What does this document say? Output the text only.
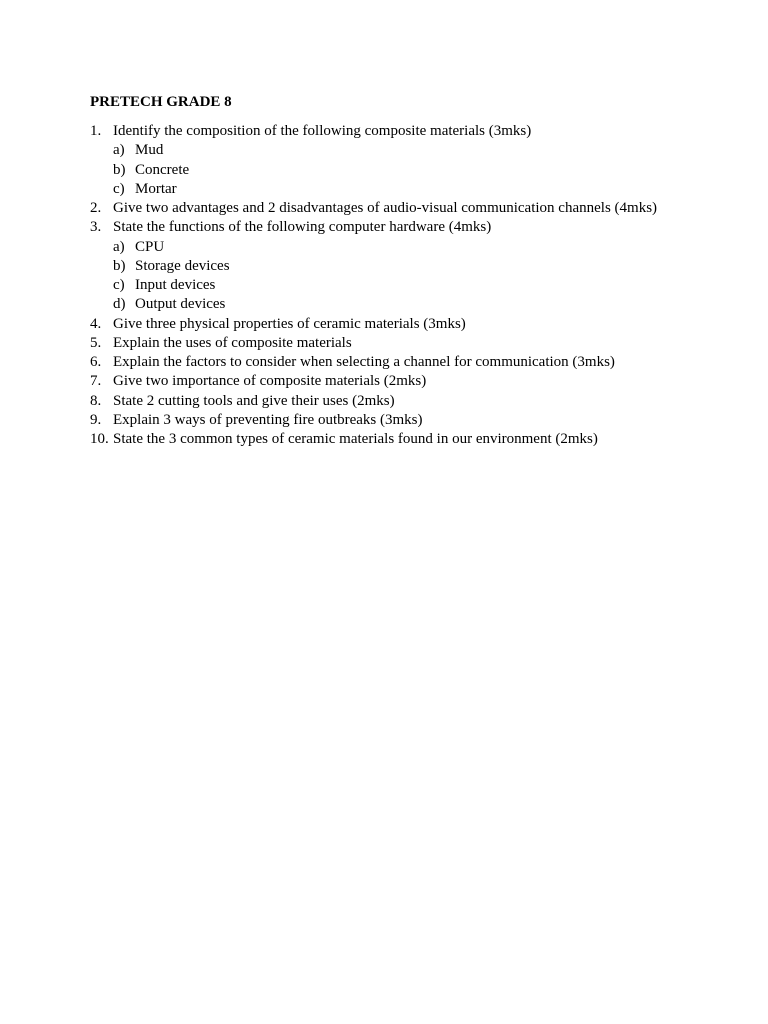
PRETECH GRADE 8
1. Identify the composition of the following composite materials (3mks)
a) Mud
b) Concrete
c) Mortar
2. Give two advantages and 2 disadvantages of audio-visual communication channels (4mks)
3. State the functions of the following computer hardware (4mks)
a) CPU
b) Storage devices
c) Input devices
d) Output devices
4. Give three physical properties of ceramic materials (3mks)
5. Explain the uses of composite materials
6. Explain the factors to consider when selecting a channel for communication (3mks)
7. Give two importance of composite materials (2mks)
8. State 2 cutting tools and give their uses (2mks)
9. Explain 3 ways of preventing fire outbreaks (3mks)
10. State the 3 common types of ceramic materials found in our environment (2mks)
